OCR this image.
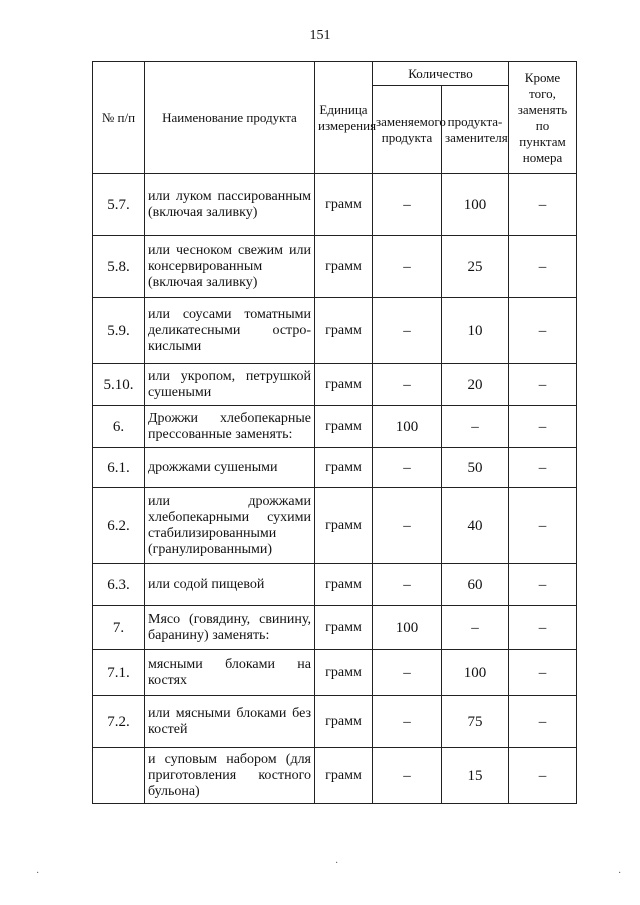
151
№ п/п	Наименование продукта	Единица измерения	Количество		Кроме того, заменять по пунктам номера
			заменяемого продукта	продукта-заменителя	
5.7.	или луком пассированным (включая заливку)	грамм	–	100	–
5.8.	или чесноком свежим или консервированным (включая заливку)	грамм	–	25	–
5.9.	или соусами томатными деликатесными остро-кислыми	грамм	–	10	–
5.10.	или укропом, петрушкой сушеными	грамм	–	20	–
6.	Дрожжи хлебопекарные прессованные заменять:	грамм	100	–	–
6.1.	дрожжами сушеными	грамм	–	50	–
6.2.	или дрожжами хлебопекарными сухими стабилизированными (гранулированными)	грамм	–	40	–
6.3.	или содой пищевой	грамм	–	60	–
7.	Мясо (говядину, свинину, баранину) заменять:	грамм	100	–	–
7.1.	мясными блоками на костях	грамм	–	100	–
7.2.	или мясными блоками без костей	грамм	–	75	–
	и суповым набором (для приготовления костного бульона)	грамм	–	15	–
·
·
·
